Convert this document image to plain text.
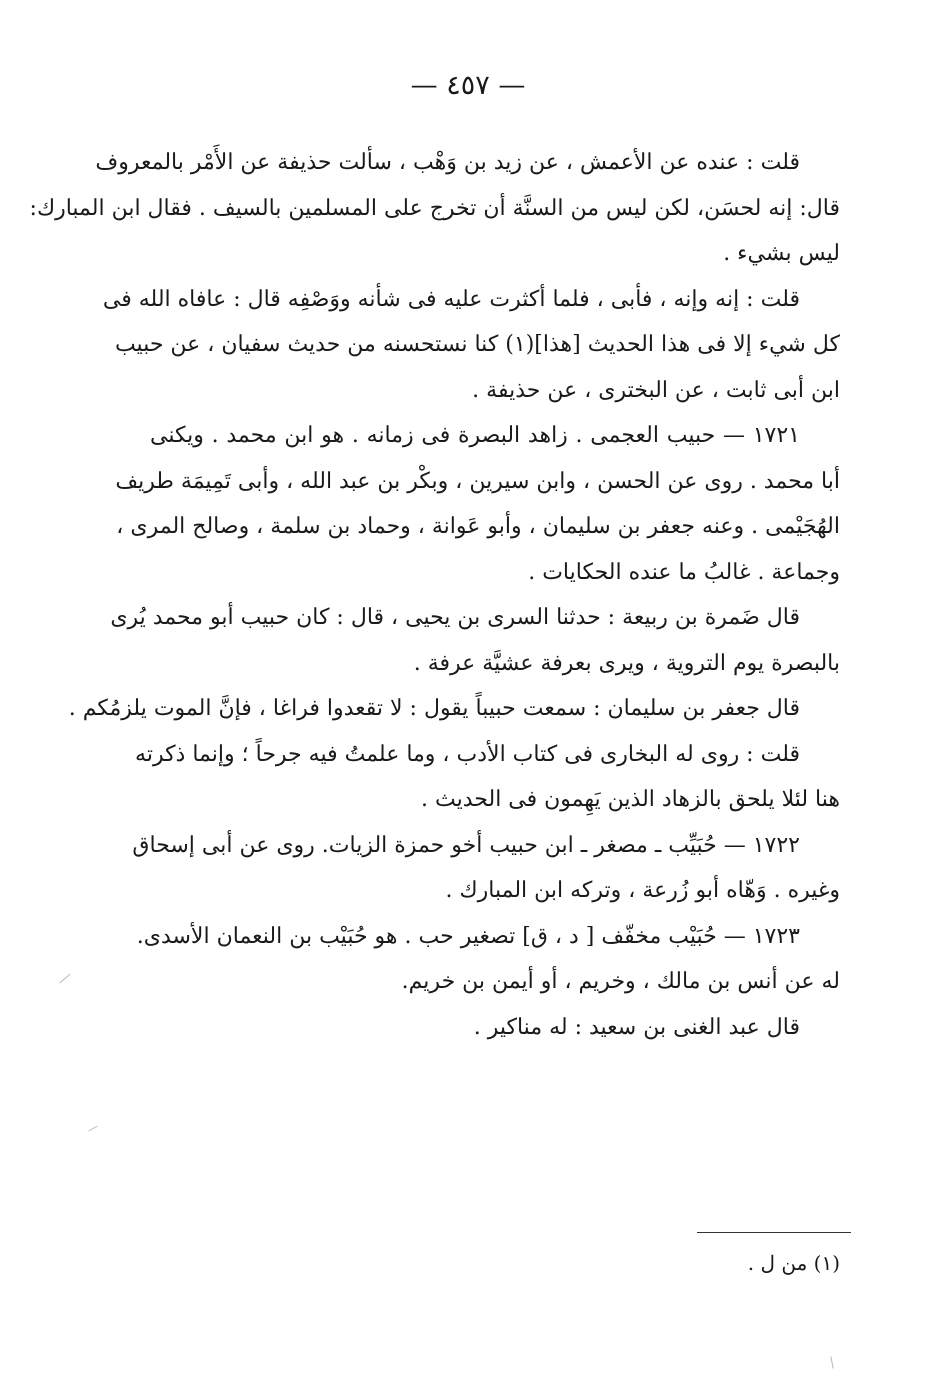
— ٤٥٧ —
قلت : عنده عن الأعمش ، عن زيد بن وَهْب ، سألت حذيفة عن الأَمْر بالمعروف
قال: إنه لحسَن، لكن ليس من السنَّة أن تخرج على المسلمين بالسيف . فقال ابن المبارك:
ليس بشيء .
قلت : إنه وإنه ، فأبى ، فلما أكثرت عليه فى شأنه ووَصْفِه قال : عافاه الله فى
كل شيء إلا فى هذا الحديث [هذا](١) كنا نستحسنه من حديث سفيان ، عن حبيب
ابن أبى ثابت ، عن البخترى ، عن حذيفة .
١٧٢١ — حبيب العجمى . زاهد البصرة فى زمانه . هو ابن محمد . ويكنى
أبا محمد . روى عن الحسن ، وابن سيرين ، وبكْر بن عبد الله ، وأبى تَمِيمَة طريف
الهُجَيْمى . وعنه جعفر بن سليمان ، وأبو عَوانة ، وحماد بن سلمة ، وصالح المرى ،
وجماعة . غالبُ ما عنده الحكايات .
قال ضَمرة بن ربيعة : حدثنا السرى بن يحيى ، قال : كان حبيب أبو محمد يُرى
بالبصرة يوم التروية ، ويرى بعرفة عشيَّة عرفة .
قال جعفر بن سليمان : سمعت حبيباً يقول : لا تقعدوا فراغا ، فإنَّ الموت يلزمُكم .
قلت : روى له البخارى فى كتاب الأدب ، وما علمتُ فيه جرحاً ؛ وإنما ذكرته
هنا لئلا يلحق بالزهاد الذين يَهِمون فى الحديث .
١٧٢٢ — حُبَيِّب ـ مصغر ـ ابن حبيب أخو حمزة الزيات. روى عن أبى إسحاق
وغيره . وَهّاه أبو زُرعة ، وتركه ابن المبارك .
١٧٢٣ — حُبَيْب مخفّف [ د ، ق] تصغير حب . هو حُبَيْب بن النعمان الأسدى.
له عن أنس بن مالك ، وخريم ، أو أيمن بن خريم.
قال عبد الغنى بن سعيد : له مناكير .
(١) من ل .
